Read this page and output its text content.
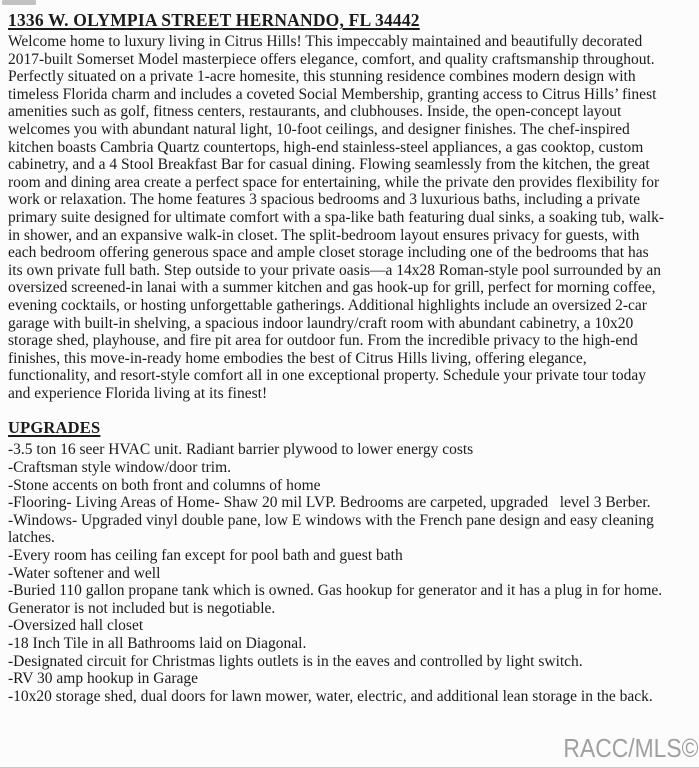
1336 W. OLYMPIA STREET HERNANDO, FL 34442

Welcome home to luxury living in Citrus Hills! This impeccably maintained and beautifully decorated 2017-built Somerset Model masterpiece offers elegance, comfort, and quality craftsmanship throughout. Perfectly situated on a private 1-acre homesite, this stunning residence combines modern design with timeless Florida charm and includes a coveted Social Membership, granting access to Citrus Hills’ finest amenities such as golf, fitness centers, restaurants, and clubhouses. Inside, the open-concept layout welcomes you with abundant natural light, 10-foot ceilings, and designer finishes. The chef-inspired kitchen boasts Cambria Quartz countertops, high-end stainless-steel appliances, a gas cooktop, custom cabinetry, and a 4 Stool Breakfast Bar for casual dining. Flowing seamlessly from the kitchen, the great room and dining area create a perfect space for entertaining, while the private den provides flexibility for work or relaxation. The home features 3 spacious bedrooms and 3 luxurious baths, including a private primary suite designed for ultimate comfort with a spa-like bath featuring dual sinks, a soaking tub, walk-in shower, and an expansive walk-in closet. The split-bedroom layout ensures privacy for guests, with each bedroom offering generous space and ample closet storage including one of the bedrooms that has its own private full bath. Step outside to your private oasis—a 14x28 Roman-style pool surrounded by an oversized screened-in lanai with a summer kitchen and gas hook-up for grill, perfect for morning coffee, evening cocktails, or hosting unforgettable gatherings. Additional highlights include an oversized 2-car garage with built-in shelving, a spacious indoor laundry/craft room with abundant cabinetry, a 10x20 storage shed, playhouse, and fire pit area for outdoor fun. From the incredible privacy to the high-end finishes, this move-in-ready home embodies the best of Citrus Hills living, offering elegance, functionality, and resort-style comfort all in one exceptional property. Schedule your private tour today and experience Florida living at its finest!

UPGRADES
-3.5 ton 16 seer HVAC unit. Radiant barrier plywood to lower energy costs
-Craftsman style window/door trim.
-Stone accents on both front and columns of home
-Flooring- Living Areas of Home- Shaw 20 mil LVP. Bedrooms are carpeted, upgraded   level 3 Berber.
-Windows- Upgraded vinyl double pane, low E windows with the French pane design and easy cleaning latches.
-Every room has ceiling fan except for pool bath and guest bath
-Water softener and well
-Buried 110 gallon propane tank which is owned. Gas hookup for generator and it has a plug in for home. Generator is not included but is negotiable.
-Oversized hall closet
-18 Inch Tile in all Bathrooms laid on Diagonal.
-Designated circuit for Christmas lights outlets is in the eaves and controlled by light switch.
-RV 30 amp hookup in Garage
-10x20 storage shed, dual doors for lawn mower, water, electric, and additional lean storage in the back.
RACC/MLS©
